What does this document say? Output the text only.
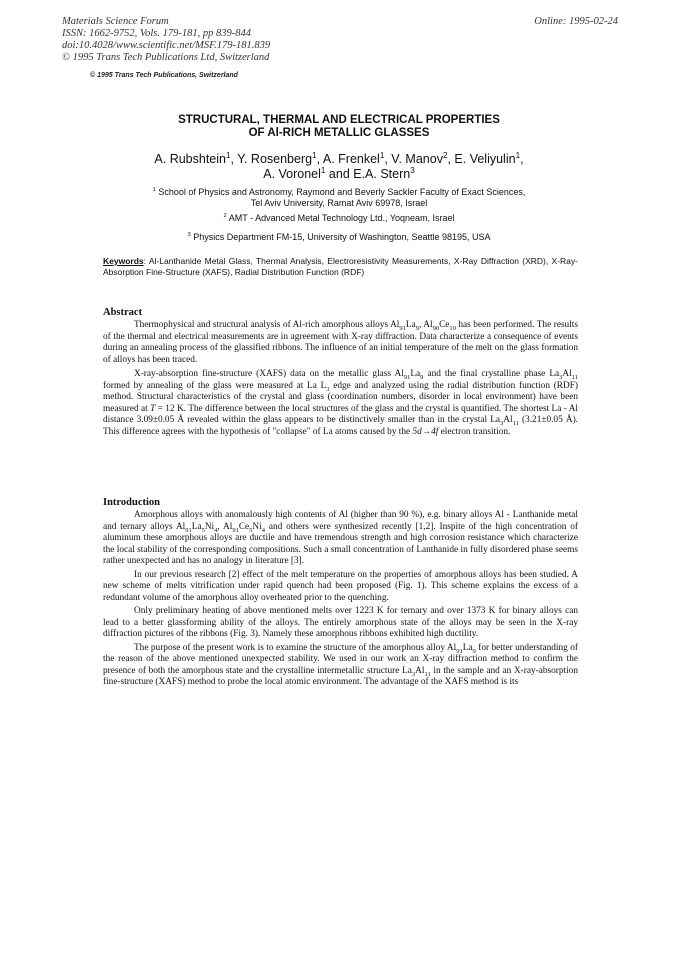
Materials Science Forum
ISSN: 1662-9752, Vols. 179-181, pp 839-844
doi:10.4028/www.scientific.net/MSF.179-181.839
© 1995 Trans Tech Publications Ltd, Switzerland
Online: 1995-02-24
© 1995 Trans Tech Publications, Switzerland
STRUCTURAL, THERMAL AND ELECTRICAL PROPERTIES
OF Al-RICH METALLIC GLASSES
A. Rubshtein$^1$, Y. Rosenberg$^1$, A. Frenkel$^1$, V. Manov$^2$, E. Veliyulin$^1$,
A. Voronel$^1$ and E.A. Stern$^3$
$^1$ School of Physics and Astronomy, Raymond and Beverly Sackler Faculty of Exact Sciences,
Tel Aviv University, Ramat Aviv 69978, Israel
$^2$ AMT - Advanced Metal Technology Ltd., Yoqneam, Israel
$^3$ Physics Department FM-15, University of Washington, Seattle 98195, USA
Keywords: Al-Lanthanide Metal Glass, Thermal Analysis, Electroresistivity Measurements, X-Ray Diffraction (XRD), X-Ray-Absorption Fine-Structure (XAFS), Radial Distribution Function (RDF)
Abstract

Thermophysical and structural analysis of Al-rich amorphous alloys $Al_{91}La_9$, $Al_{90}Ce_{10}$ has been performed. The results of the thermal and electrical measurements are in agreement with X-ray diffraction. Data characterize a consequence of events during an annealing process of the glassified ribbons. The influence of an initial temperature of the melt on the glass formation of alloys has been traced.

X-ray-absorption fine-structure (XAFS) data on the metallic glass $Al_{91}La_9$ and the final crystalline phase $La_3Al_{11}$ formed by annealing of the glass were measured at La $L_3$ edge and analyzed using the radial distribution function (RDF) method. Structural characteristics of the crystal and glass (coordination numbers, disorder in local environment) have been measured at T = 12 K. The difference between the local structures of the glass and the crystal is quantified. The shortest La - Al distance 3.09±0.05 Å revealed within the glass appears to be distinctively smaller than in the crystal $La_3Al_{11}$ (3.21±0.05 Å). This difference agrees with the hypothesis of "collapse" of La atoms caused by the 5d→4f electron transition.

Introduction

Amorphous alloys with anomalously high contents of Al (higher than 90 %), e.g. binary alloys Al - Lanthanide metal and ternary alloys $Al_{91}La_5Ni_4$, $Al_{91}Ce_5Ni_4$ and others were synthesized recently [1,2]. Inspite of the high concentration of aluminum these amorphous alloys are ductile and have tremendous strength and high corrosion resistance which characterize the local stability of the corresponding compositions. Such a small concentration of Lanthanide in fully disordered phase seems rather unexpected and has no analogy in literature [3].

In our previous research [2] effect of the melt temperature on the properties of amorphous alloys has been studied. A new scheme of melts vitrification under rapid quench had been proposed (Fig. 1). This scheme explains the excess of a redundant volume of the amorphous alloy overheated prior to the quenching.

Only preliminary heating of above mentioned melts over 1223 K for ternary and over 1373 K for binary alloys can lead to a better glassforming ability of the alloys. The entirely amorphous state of the alloys may be seen in the X-ray diffraction pictures of the ribbons (Fig. 3). Namely these amorphous ribbons exhibited high ductility.

The purpose of the present work is to examine the structure of the amorphous alloy $Al_{91}La_9$ for better understanding of the reason of the above mentioned unexpected stability. We used in our work an X-ray diffraction method to confirm the presence of both the amorphous state and the crystalline intermetallic structure $La_3Al_{11}$ in the sample and an X-ray-absorption fine-structure (XAFS) method to probe the local atomic environment. The advantage of the XAFS method is its
